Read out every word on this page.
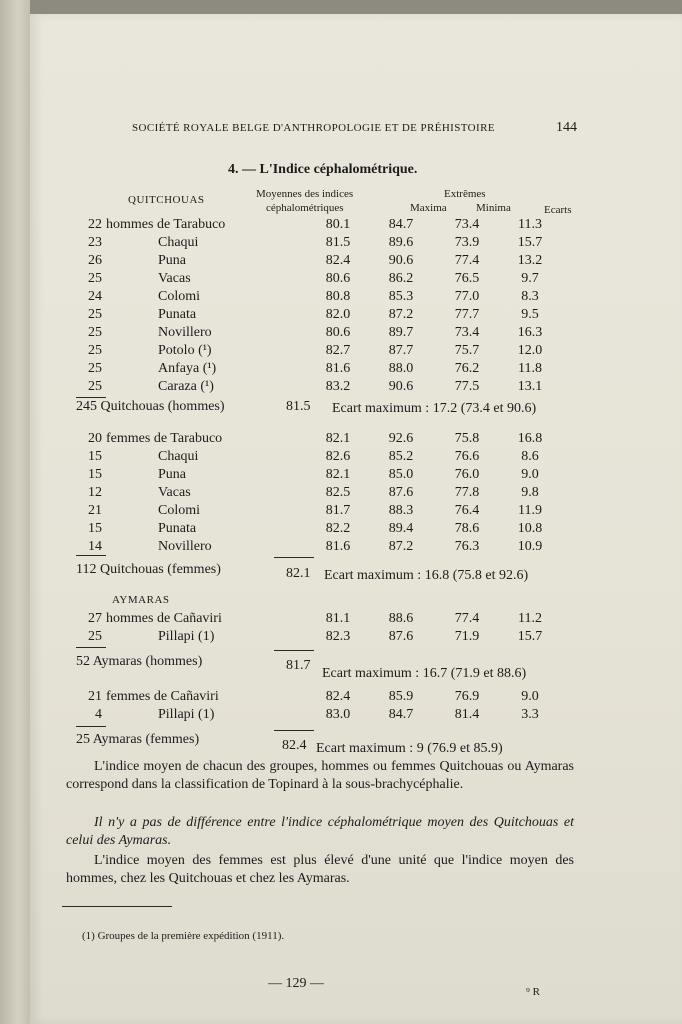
SOCIÉTÉ ROYALE BELGE D'ANTHROPOLOGIE ET DE PRÉHISTOIRE	144
4. — L'Indice céphalométrique.
QUITCHOUAS	Moyennes des indices
céphalométriques
Extrêmes
Maxima	Minima	Ecarts
22	hommes de Tarabuco	80.1	84.7	73.4	11.3
23	Chaqui	81.5	89.6	73.9	15.7
26	Puna	82.4	90.6	77.4	13.2
25	Vacas	80.6	86.2	76.5	9.7
24	Colomi	80.8	85.3	77.0	8.3
25	Punata	82.0	87.2	77.7	9.5
25	Novillero	80.6	89.7	73.4	16.3
25	Potolo (¹)	82.7	87.7	75.7	12.0
25	Anfaya (¹)	81.6	88.0	76.2	11.8
25	Caraza (¹)	83.2	90.6	77.5	13.1
245 Quitchouas (hommes)	81.5 Ecart maximum : 17.2 (73.4 et 90.6)
20	femmes de Tarabuco	82.1	92.6	75.8	16.8
15	Chaqui	82.6	85.2	76.6	8.6
15	Puna	82.1	85.0	76.0	9.0
12	Vacas	82.5	87.6	77.8	9.8
21	Colomi	81.7	88.3	76.4	11.9
15	Punata	82.2	89.4	78.6	10.8
14	Novillero	81.6	87.2	76.3	10.9
112 Quitchouas (femmes)	82.1 Ecart maximum : 16.8 (75.8 et 92.6)
AYMARAS
27	hommes de Cañaviri	81.1	88.6	77.4	11.2
25	Pillapi (1)	82.3	87.6	71.9	15.7
52 Aymaras (hommes)	81.7
Ecart maximum : 16.7 (71.9 et 88.6)
21	femmes de Cañaviri	82.4	85.9	76.9	9.0
4	Pillapi (1)	83.0	84.7	81.4	3.3
25 Aymaras (femmes)	82.4 Ecart maximum : 9 (76.9 et 85.9)
L'indice moyen de chacun des groupes, hommes ou femmes Quitchouas ou Aymaras correspond dans la classification de Topinard à la sous-brachycéphalie.
Il n'y a pas de différence entre l'indice céphalométrique moyen des Quitchouas et celui des Aymaras.
L'indice moyen des femmes est plus élevé d'une unité que l'indice moyen des hommes, chez les Quitchouas et chez les Aymaras.
(1) Groupes de la première expédition (1911).
— 129 —
⁹ R
